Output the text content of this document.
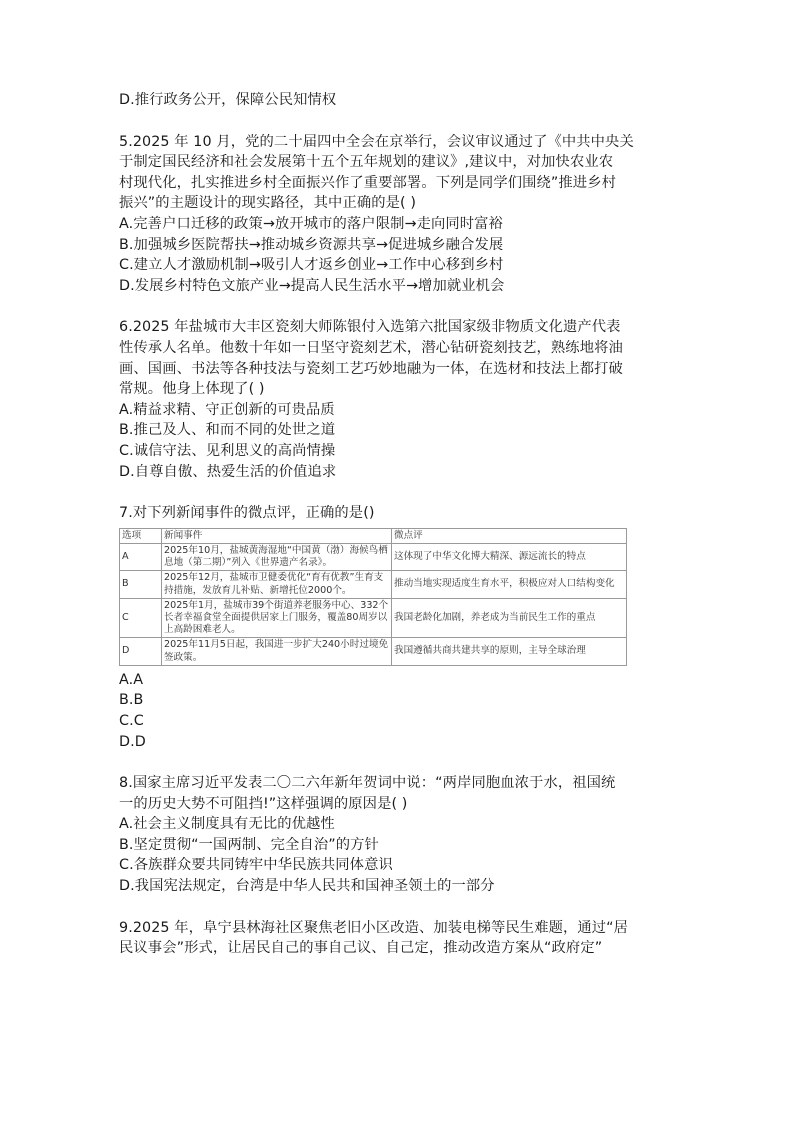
D.推行政务公开，保障公民知情权
5.2025 年 10 月，党的二十届四中全会在京举行，会议审议通过了《中共中央关
于制定国民经济和社会发展第十五个五年规划的建议》,建议中，对加快农业农
村现代化，扎实推进乡村全面振兴作了重要部署。下列是同学们围绕”推进乡村
振兴”的主题设计的现实路径，其中正确的是( )
A.完善户口迁移的政策→放开城市的落户限制→走向同时富裕
B.加强城乡医院帮扶→推动城乡资源共享→促进城乡融合发展
C.建立人才激励机制→吸引人才返乡创业→工作中心移到乡村
D.发展乡村特色文旅产业→提高人民生活水平→增加就业机会
6.2025 年盐城市大丰区瓷刻大师陈银付入选第六批国家级非物质文化遗产代表
性传承人名单。他数十年如一日坚守瓷刻艺术，潜心钻研瓷刻技艺，熟练地将油
画、国画、书法等各种技法与瓷刻工艺巧妙地融为一体，在选材和技法上都打破
常规。他身上体现了( )
A.精益求精、守正创新的可贵品质
B.推己及人、和而不同的处世之道
C.诚信守法、见利思义的高尚情操
D.自尊自傲、热爱生活的价值追求
7.对下列新闻事件的微点评，正确的是()
选项	新闻事件	微点评
A	2025年10月，盐城黄海湿地“中国黄（渤）海候鸟栖息地（第二期）”列入《世界遗产名录》。	这体现了中华文化博大精深、源远流长的特点
B	2025年12月，盐城市卫健委优化“育有优教”生育支持措施，发放育儿补贴、新增托位2000个。	推动当地实现适度生育水平，积极应对人口结构变化
C	2025年1月，盐城市39个街道养老服务中心、332个长者幸福食堂全面提供居家上门服务，覆盖80周岁以上高龄困难老人。	我国老龄化加剧，养老成为当前民生工作的重点
D	2025年11月5日起，我国进一步扩大240小时过境免签政策。	我国遵循共商共建共享的原则，主导全球治理
A.A
B.B
C.C
D.D
8.国家主席习近平发表二〇二六年新年贺词中说：“两岸同胞血浓于水，祖国统
一的历史大势不可阻挡!”这样强调的原因是( )
A.社会主义制度具有无比的优越性
B.坚定贯彻“一国两制、完全自治”的方针
C.各族群众要共同铸牢中华民族共同体意识
D.我国宪法规定，台湾是中华人民共和国神圣领土的一部分
9.2025 年，阜宁县林海社区聚焦老旧小区改造、加装电梯等民生难题，通过“居
民议事会”形式，让居民自己的事自己议、自己定，推动改造方案从“政府定”
